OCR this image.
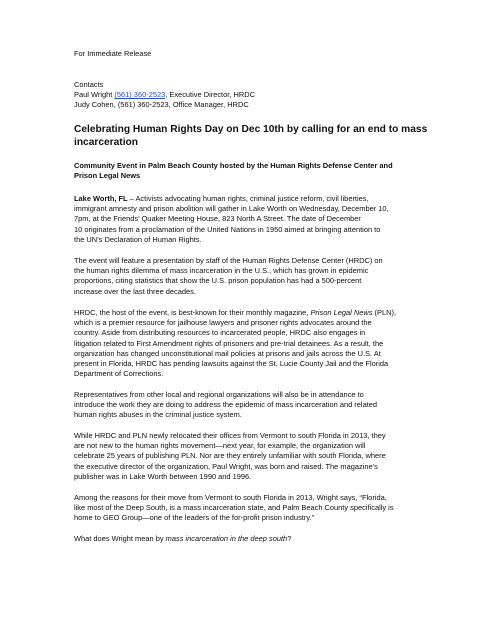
For Immediate Release

Contacts
Paul Wright (561) 360-2523, Executive Director, HRDC
Judy Cohen, (561) 360-2523, Office Manager, HRDC

Celebrating Human Rights Day on Dec 10th by calling for an end to mass
incarceration

Community Event in Palm Beach County hosted by the Human Rights Defense Center and
Prison Legal News

Lake Worth, FL – Activists advocating human rights, criminal justice reform, civil liberties,
immigrant amnesty and prison abolition will gather in Lake Worth on Wednesday, December 10,
7pm, at the Friends’ Quaker Meeting House, 823 North A Street. The date of December
10 originates from a proclamation of the United Nations in 1950 aimed at bringing attention to
the UN’s Declaration of Human Rights.

The event will feature a presentation by staff of the Human Rights Defense Center (HRDC) on
the human rights dilemma of mass incarceration in the U.S., which has grown in epidemic
proportions, citing statistics that show the U.S. prison population has had a 500-percent
increase over the last three decades.

HRDC, the host of the event, is best-known for their monthly magazine, Prison Legal News (PLN),
which is a premier resource for jailhouse lawyers and prisoner rights advocates around the
country. Aside from distributing resources to incarcerated people, HRDC also engages in
litigation related to First Amendment rights of prisoners and pre-trial detainees. As a result, the
organization has changed unconstitutional mail policies at prisons and jails across the U.S. At
present in Florida, HRDC has pending lawsuits against the St. Lucie County Jail and the Florida
Department of Corrections.

Representatives from other local and regional organizations will also be in attendance to
introduce the work they are doing to address the epidemic of mass incarceration and related
human rights abuses in the criminal justice system.

While HRDC and PLN newly relocated their offices from Vermont to south Florida in 2013, they
are not new to the human rights movement—next year, for example, the organization will
celebrate 25 years of publishing PLN. Nor are they entirely unfamiliar with south Florida, where
the executive director of the organization, Paul Wright, was born and raised. The magazine’s
publisher was in Lake Worth between 1990 and 1996.

Among the reasons for their move from Vermont to south Florida in 2013, Wright says, “Florida,
like most of the Deep South, is a mass incarceration state, and Palm Beach County specifically is
home to GEO Group—one of the leaders of the for-profit prison industry.”

What does Wright mean by mass incarceration in the deep south?
